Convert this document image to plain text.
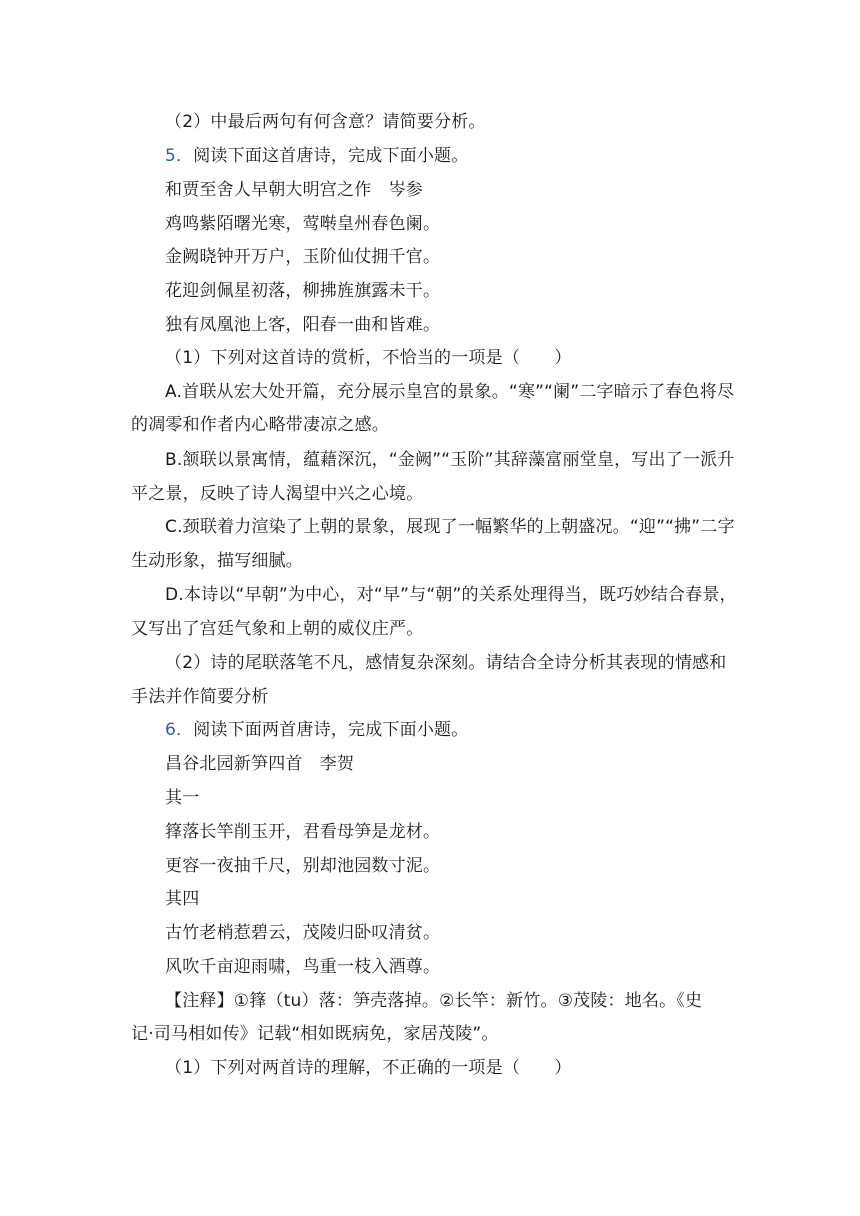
（2）中最后两句有何含意？请简要分析。
5．阅读下面这首唐诗，完成下面小题。
和贾至舍人早朝大明宫之作　岑参
鸡鸣紫陌曙光寒，莺啭皇州春色阑。
金阙晓钟开万户，玉阶仙仗拥千官。
花迎剑佩星初落，柳拂旌旗露未干。
独有凤凰池上客，阳春一曲和皆难。
（1）下列对这首诗的赏析，不恰当的一项是（　　）
A.首联从宏大处开篇，充分展示皇宫的景象。“寒”“阑”二字暗示了春色将尽
的凋零和作者内心略带凄凉之感。
B.颔联以景寓情，蕴藉深沉，“金阙”“玉阶”其辞藻富丽堂皇，写出了一派升
平之景，反映了诗人渴望中兴之心境。
C.颈联着力渲染了上朝的景象，展现了一幅繁华的上朝盛况。“迎”“拂”二字
生动形象，描写细腻。
D.本诗以“早朝”为中心，对“早”与“朝”的关系处理得当，既巧妙结合春景，
又写出了宫廷气象和上朝的威仪庄严。
（2）诗的尾联落笔不凡，感情复杂深刻。请结合全诗分析其表现的情感和
手法并作简要分析
6．阅读下面两首唐诗，完成下面小题。
昌谷北园新笋四首　李贺
其一
箨落长竿削玉开，君看母笋是龙材。
更容一夜抽千尺，别却池园数寸泥。
其四
古竹老梢惹碧云，茂陵归卧叹清贫。
风吹千亩迎雨啸，鸟重一枝入酒尊。
【注释】①箨（tu）落：笋壳落掉。②长竿：新竹。③茂陵：地名。《史
记·司马相如传》记载“相如既病免，家居茂陵”。
（1）下列对两首诗的理解，不正确的一项是（　　）
